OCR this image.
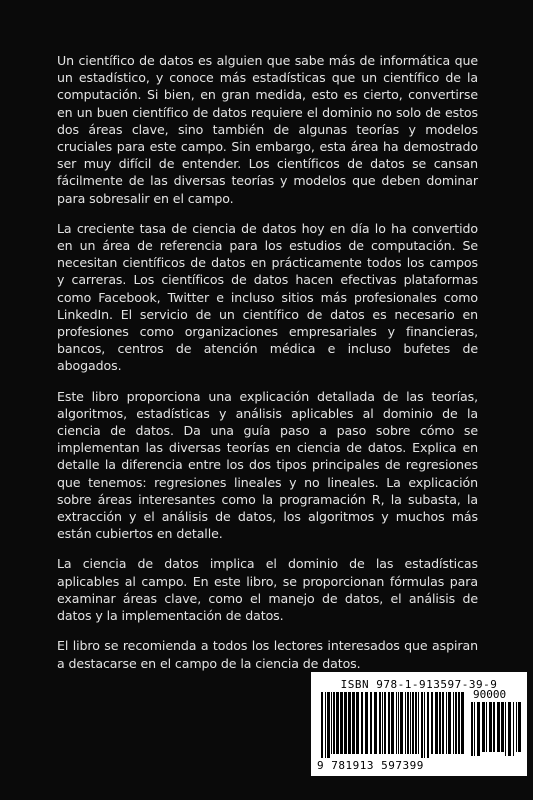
Un científico de datos es alguien que sabe más de informática que un estadístico, y conoce más estadísticas que un científico de la computación. Si bien, en gran medida, esto es cierto, convertirse en un buen científico de datos requiere el dominio no solo de estos dos áreas clave, sino también de algunas teorías y modelos cruciales para este campo. Sin embargo, esta área ha demostrado ser muy difícil de entender. Los científicos de datos se cansan fácilmente de las diversas teorías y modelos que deben dominar para sobresalir en el campo.

La creciente tasa de ciencia de datos hoy en día lo ha convertido en un área de referencia para los estudios de computación. Se necesitan científicos de datos en prácticamente todos los campos y carreras. Los científicos de datos hacen efectivas plataformas como Facebook, Twitter e incluso sitios más profesionales como LinkedIn. El servicio de un científico de datos es necesario en profesiones como organizaciones empresariales y financieras, bancos, centros de atención médica e incluso bufetes de abogados.

Este libro proporciona una explicación detallada de las teorías, algoritmos, estadísticas y análisis aplicables al dominio de la ciencia de datos. Da una guía paso a paso sobre cómo se implementan las diversas teorías en ciencia de datos. Explica en detalle la diferencia entre los dos tipos principales de regresiones que tenemos: regresiones lineales y no lineales. La explicación sobre áreas interesantes como la programación R, la subasta, la extracción y el análisis de datos, los algoritmos y muchos más están cubiertos en detalle.

La ciencia de datos implica el dominio de las estadísticas aplicables al campo. En este libro, se proporcionan fórmulas para examinar áreas clave, como el manejo de datos, el análisis de datos y la implementación de datos.

El libro se recomienda a todos los lectores interesados que aspiran a destacarse en el campo de la ciencia de datos.

ISBN 978-1-913597-39-9
90000
9 781913 597399
